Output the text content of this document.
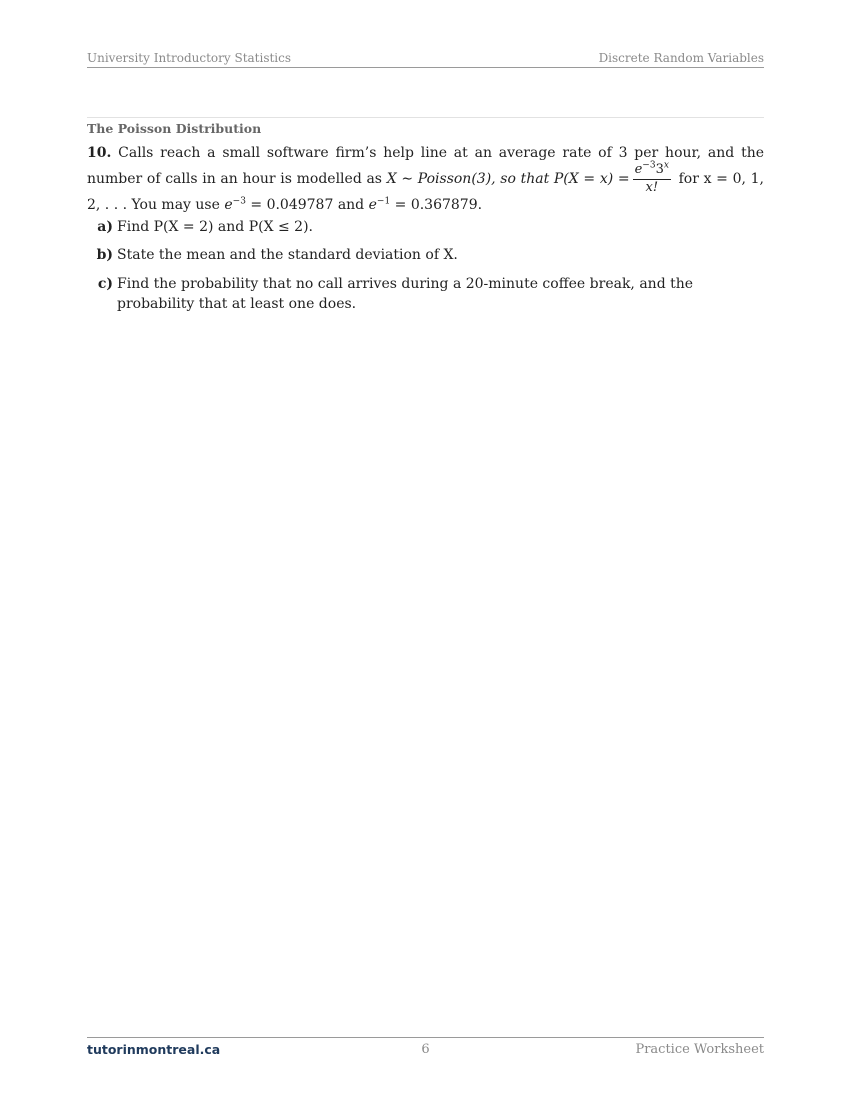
University Introductory Statistics	Discrete Random Variables
The Poisson Distribution

10. Calls reach a small software firm’s help line at an average rate of 3 per hour, and the number of calls in an hour is modelled as X ∼ Poisson(3), so that $P(X = x) = \frac{e^{-3}3^x}{x!}$ for x = 0, 1, 2, . . . You may use $e^{-3} = 0.049787$ and $e^{-1} = 0.367879$.

a) Find P(X = 2) and P(X ≤ 2).
b) State the mean and the standard deviation of X.
c) Find the probability that no call arrives during a 20-minute coffee break, and the probability that at least one does.
tutorinmontreal.ca	6	Practice Worksheet
